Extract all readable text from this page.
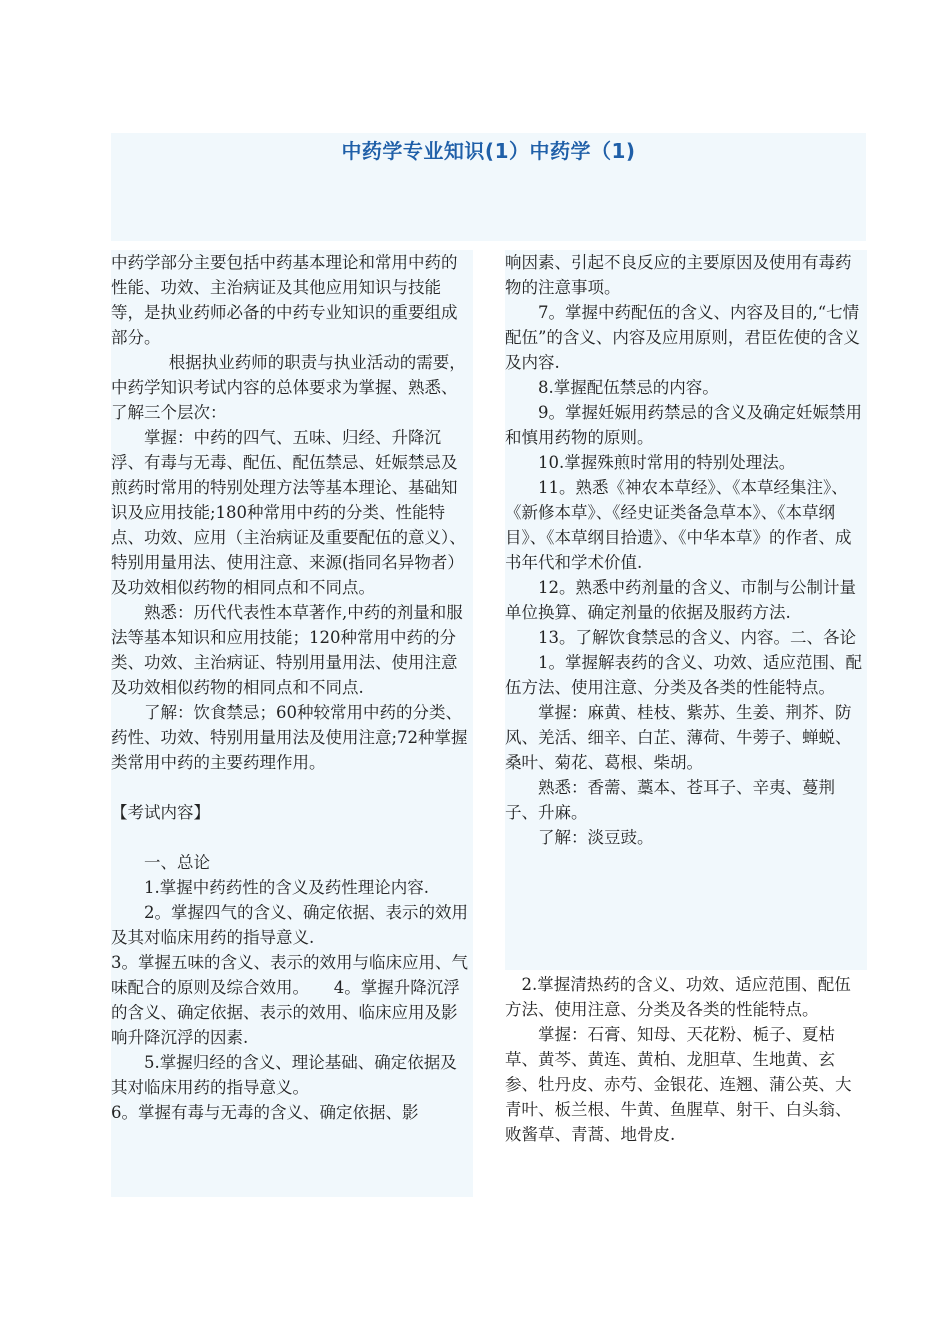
中药学专业知识(1）中药学（1)

中药学部分主要包括中药基本理论和常用中药的性能、功效、主治病证及其他应用知识与技能等，是执业药师必备的中药专业知识的重要组成部分。

根据执业药师的职责与执业活动的需要，中药学知识考试内容的总体要求为掌握、熟悉、了解三个层次：

掌握：中药的四气、五味、归经、升降沉浮、有毒与无毒、配伍、配伍禁忌、妊娠禁忌及煎药时常用的特别处理方法等基本理论、基础知识及应用技能;180种常用中药的分类、性能特点、功效、应用（主治病证及重要配伍的意义）、特别用量用法、使用注意、来源(指同名异物者）及功效相似药物的相同点和不同点。

熟悉：历代代表性本草著作,中药的剂量和服法等基本知识和应用技能；120种常用中药的分类、功效、主治病证、特别用量用法、使用注意及功效相似药物的相同点和不同点.

了解：饮食禁忌；60种较常用中药的分类、药性、功效、特别用量用法及使用注意;72种掌握类常用中药的主要药理作用。

【考试内容】

一、总论

1.掌握中药药性的含义及药性理论内容.

2。掌握四气的含义、确定依据、表示的效用及其对临床用药的指导意义.

3。掌握五味的含义、表示的效用与临床应用、气味配合的原则及综合效用。　　4。掌握升降沉浮的含义、确定依据、表示的效用、临床应用及影响升降沉浮的因素.

5.掌握归经的含义、理论基础、确定依据及其对临床用药的指导意义。

6。掌握有毒与无毒的含义、确定依据、影

响因素、引起不良反应的主要原因及使用有毒药物的注意事项。

7。掌握中药配伍的含义、内容及目的,“七情配伍”的含义、内容及应用原则，君臣佐使的含义及内容.

8.掌握配伍禁忌的内容。

9。掌握妊娠用药禁忌的含义及确定妊娠禁用和慎用药物的原则。

10.掌握殊煎时常用的特别处理法。

11。熟悉《神农本草经》、《本草经集注》、《新修本草》、《经史证类备急草本》、《本草纲目》、《本草纲目拾遗》、《中华本草》的作者、成书年代和学术价值.

12。熟悉中药剂量的含义、市制与公制计量单位换算、确定剂量的依据及服药方法.

13。了解饮食禁忌的含义、内容。二、各论

1。掌握解表药的含义、功效、适应范围、配伍方法、使用注意、分类及各类的性能特点。

掌握：麻黄、桂枝、紫苏、生姜、荆芥、防风、羌活、细辛、白芷、薄荷、牛蒡子、蝉蜕、桑叶、菊花、葛根、柴胡。

熟悉：香薷、藁本、苍耳子、辛夷、蔓荆子、升麻。

了解：淡豆豉。

2.掌握清热药的含义、功效、适应范围、配伍方法、使用注意、分类及各类的性能特点。

掌握：石膏、知母、天花粉、栀子、夏枯草、黄芩、黄连、黄柏、龙胆草、生地黄、玄参、牡丹皮、赤芍、金银花、连翘、蒲公英、大青叶、板兰根、牛黄、鱼腥草、射干、白头翁、败酱草、青蒿、地骨皮.
